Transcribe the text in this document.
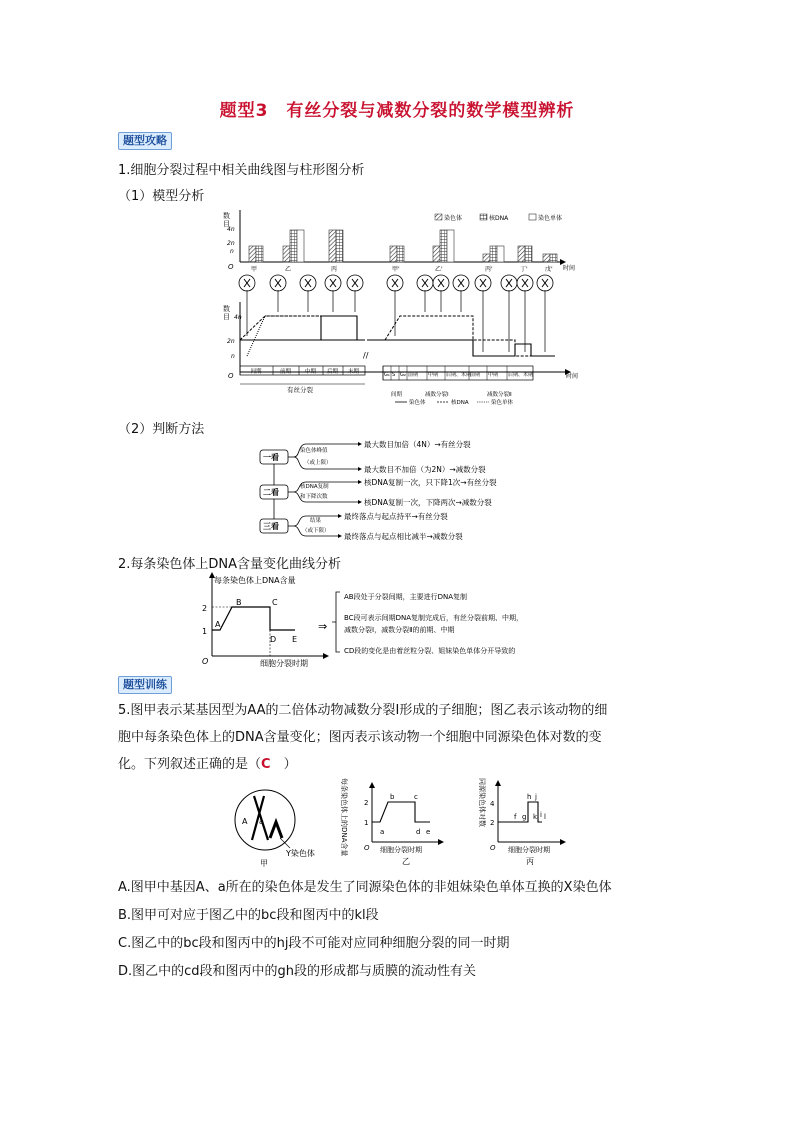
题型3　有丝分裂与减数分裂的数学模型辨析
题型攻略
1.细胞分裂过程中相关曲线图与柱形图分析
（1）模型分析
数
目
4n
2n
n
O	时间
染色体	核DNA	染色单体
甲	乙	丙	甲'	乙'	丙'	丁'	戊'
数
目 4n
2n
n
O	时间
间期	前期	中期 后期 末期
有丝分裂
//
G₁ S G₂ 前期 中期 后期、末期
前期 中期 后期、末期
间期	减数分裂Ⅰ	减数分裂Ⅱ
染色体	核DNA	染色单体
（2）判断方法
一看
二看
三看
染色体峰值
（或上限）
核DNA复制
和下降次数
结果
（或下限）
最大数目加倍（4N）→有丝分裂
最大数目不加倍（为2N）→减数分裂
核DNA复制一次，只下降1次→有丝分裂
核DNA复制一次，下降两次→减数分裂
最终落点与起点持平→有丝分裂
最终落点与起点相比减半→减数分裂
2.每条染色体上DNA含量变化曲线分析
每条染色体上DNA含量
2
1
O	细胞分裂时期
A
B	C
D E
⇒
AB段处于分裂间期，主要进行DNA复制
BC段可表示间期DNA复制完成后，有丝分裂前期、中期，
减数分裂Ⅰ，减数分裂Ⅱ的前期、中期
CD段的变化是由着丝粒分裂、姐妹染色单体分开导致的
题型训练
5.图甲表示某基因型为AA的二倍体动物减数分裂Ⅰ形成的子细胞；图乙表示该动物的细
胞中每条染色体上的DNA含量变化；图丙表示该动物一个细胞中同源染色体对数的变
化。下列叙述正确的是（C　）
A a
Y染色体
甲
每条染色体上的DNA含量 2
1
O
a
b	c
d e
细胞分裂时期
乙
同源染色体对数 4
2
O
f g
h
i
j
k l
细胞分裂时期
丙
A.图甲中基因A、a所在的染色体是发生了同源染色体的非姐妹染色单体互换的X染色体
B.图甲可对应于图乙中的bc段和图丙中的kl段
C.图乙中的bc段和图丙中的hj段不可能对应同种细胞分裂的同一时期
D.图乙中的cd段和图丙中的gh段的形成都与质膜的流动性有关
